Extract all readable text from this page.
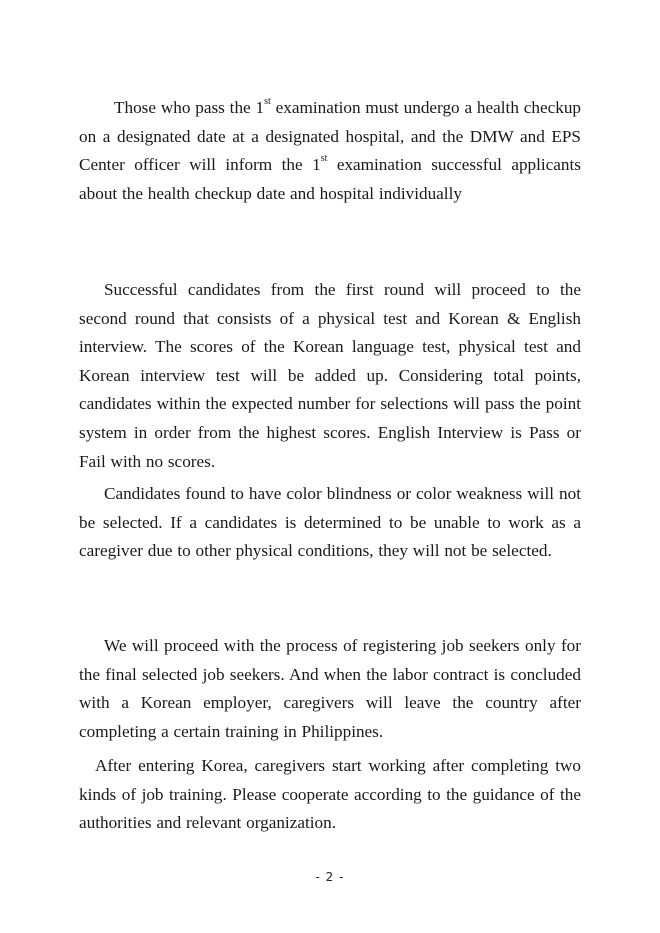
Those who pass the 1st examination must undergo a health checkup on a designated date at a designated hospital, and the DMW and EPS Center officer will inform the 1st examination successful applicants about the health checkup date and hospital individually

Successful candidates from the first round will proceed to the second round that consists of a physical test and Korean & English interview. The scores of the Korean language test, physical test and Korean interview test will be added up. Considering total points, candidates within the expected number for selections will pass the point system in order from the highest scores. English Interview is Pass or Fail with no scores.

Candidates found to have color blindness or color weakness will not be selected. If a candidates is determined to be unable to work as a caregiver due to other physical conditions, they will not be selected.

We will proceed with the process of registering job seekers only for the final selected job seekers. And when the labor contract is concluded with a Korean employer, caregivers will leave the country after completing a certain training in Philippines.

After entering Korea, caregivers start working after completing two kinds of job training. Please cooperate according to the guidance of the authorities and relevant organization.

- 2 -
